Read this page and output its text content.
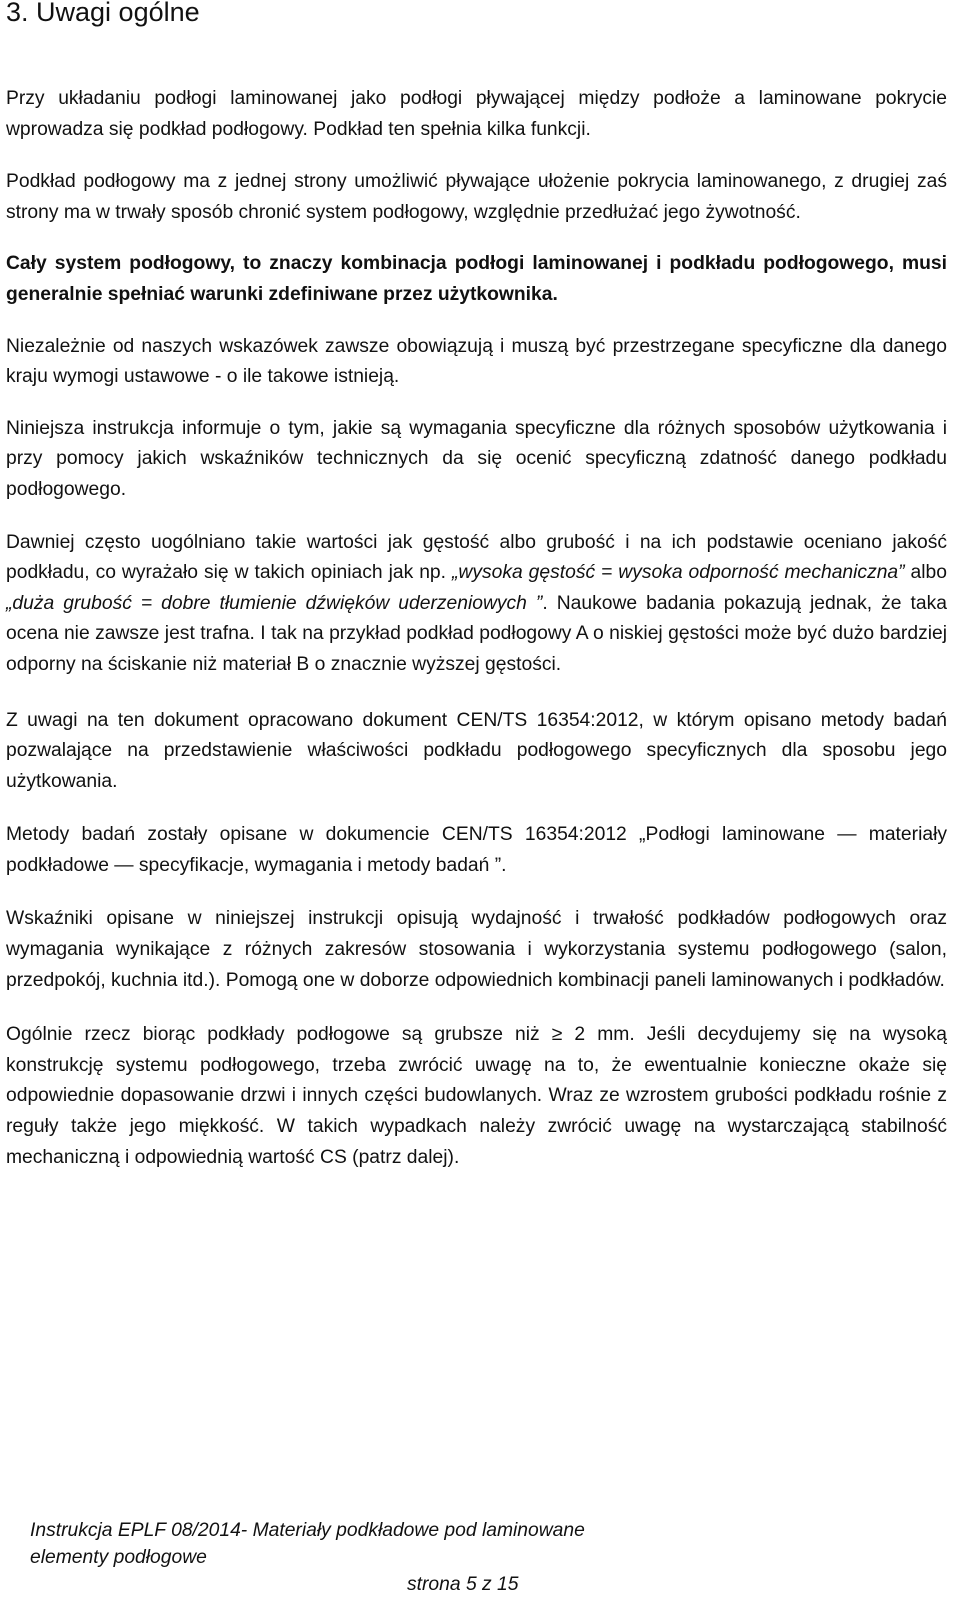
3. Uwagi ogólne

Przy układaniu podłogi laminowanej jako podłogi pływającej między podłoże a laminowane pokrycie wprowadza się podkład podłogowy. Podkład ten spełnia kilka funkcji.

Podkład podłogowy ma z jednej strony umożliwić pływające ułożenie pokrycia laminowanego, z drugiej zaś strony ma w trwały sposób chronić system podłogowy, względnie przedłużać jego żywotność.

Cały system podłogowy, to znaczy kombinacja podłogi laminowanej i podkładu podłogowego, musi generalnie spełniać warunki zdefiniwane przez użytkownika.

Niezależnie od naszych wskazówek zawsze obowiązują i muszą być przestrzegane specyficzne dla danego kraju wymogi ustawowe - o ile takowe istnieją.

Niniejsza instrukcja informuje o tym, jakie są wymagania specyficzne dla różnych sposobów użytkowania i przy pomocy jakich wskaźników technicznych da się ocenić specyficzną zdatność danego podkładu podłogowego.

Dawniej często uogólniano takie wartości jak gęstość albo grubość i na ich podstawie oceniano jakość podkładu, co wyrażało się w takich opiniach jak np. „wysoka gęstość = wysoka odporność mechaniczna” albo „duża grubość = dobre tłumienie dźwięków uderzeniowych ”. Naukowe badania pokazują jednak, że taka ocena nie zawsze jest trafna. I tak na przykład podkład podłogowy A o niskiej gęstości może być dużo bardziej odporny na ściskanie niż materiał B o znacznie wyższej gęstości.

Z uwagi na ten dokument opracowano dokument CEN/TS 16354:2012, w którym opisano metody badań pozwalające na przedstawienie właściwości podkładu podłogowego specyficznych dla sposobu jego użytkowania.

Metody badań zostały opisane w dokumencie CEN/TS 16354:2012 „Podłogi laminowane — materiały podkładowe — specyfikacje, wymagania i metody badań ”.

Wskaźniki opisane w niniejszej instrukcji opisują wydajność i trwałość podkładów podłogowych oraz wymagania wynikające z różnych zakresów stosowania i wykorzystania systemu podłogowego (salon, przedpokój, kuchnia itd.). Pomogą one w doborze odpowiednich kombinacji paneli laminowanych i podkładów.

Ogólnie rzecz biorąc podkłady podłogowe są grubsze niż ≥ 2 mm. Jeśli decydujemy się na wysoką konstrukcję systemu podłogowego, trzeba zwrócić uwagę na to, że ewentualnie konieczne okaże się odpowiednie dopasowanie drzwi i innych części budowlanych. Wraz ze wzrostem grubości podkładu rośnie z reguły także jego miękkość. W takich wypadkach należy zwrócić uwagę na wystarczającą stabilność mechaniczną i odpowiednią wartość CS (patrz dalej).

Instrukcja EPLF 08/2014- Materiały podkładowe pod laminowane elementy podłogowe
strona 5 z 15
